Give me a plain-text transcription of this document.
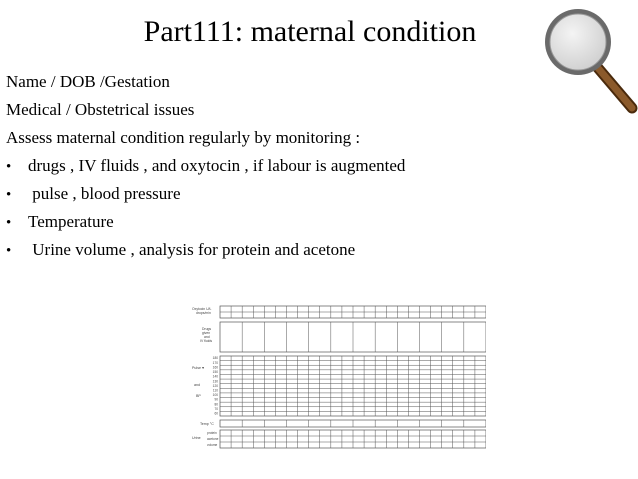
Part111: maternal condition
Name / DOB /Gestation
Medical / Obstetrical issues
Assess maternal condition regularly by monitoring :
• drugs , IV fluids , and oxytocin , if labour is augmented
• pulse , blood pressure
• Temperature
• Urine volume , analysis for protein and acetone
Oxytocin U/L
drops/min
Drugs
given
and
IV fluids
Pulse ♥
and
BP
180
170
160
150
140
130
120
110
100
90
80
70
60
Temp °C
Urine
protein
acetone
volume
